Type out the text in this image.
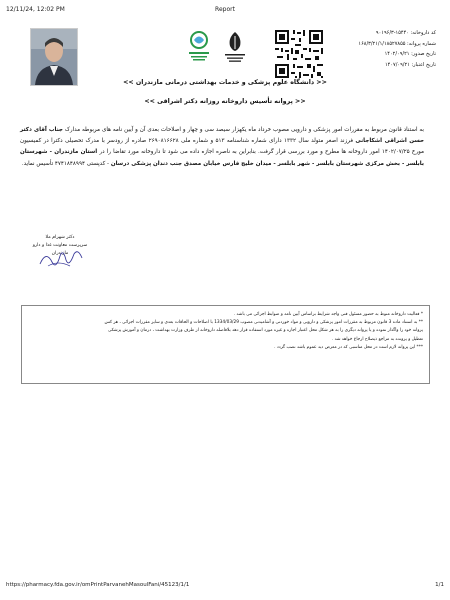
12/11/24, 12:02 PM	Report
کد داروخانه: ۱۵۴۴۰-۹۰۱۹۶/۳
شماره پروانه: ۱۶۸/۳/۲۱/۱/۱۸۵۲۷۸۵۵
تاریخ صدور: ۱۴۰۲/۰۹/۲۱
تاریخ اعتبار: ۱۴۰۷/۰۹/۲۱
<< دانشگاه علوم پزشکی و خدمات بهداشتی درمانی مازندران >>
<< پروانه تأسیس داروخانه روزانه دکتر اشراقی >>
به استناد قانون مربوط به مقررات امور پزشکی و دارویی مصوب خرداد ماه یکهزار سیصد سی و چهار و اصلاحات بعدی آن و آیین نامه های مربوطه مدارک جناب آقای دکتر حسن اشراقی اشکاجانی فرزند اصغر متولد سال ۱۳۳۲ دارای شماره شناسنامه ۵۱۳ و شماره ملی ۲۶۹۰۸۱۶۶۲۸ صادره از رودسر با مدرک تحصیلی دکترا در کمیسیون مورخ ۱۴۰۲/۰۷/۲۵ امور داروخانه ها مطرح و مورد بررسی قرار گرفت. بنابراین به ناصره اجازه داده می شود تا داروخانه مورد تقاضا را در استان مازندران - شهرستان بابلسر - بخش مرکزی شهرستان بابلسر - شهر بابلسر - میدان خلیج فارس خیابان مصدق جنب دندان پزشکی درسان - کدپستی ۴۷۴۱۸۴۸۹۹۴ تأسیس نماید.
دکتر شهرام ملا
سرپرست معاونت غذا و دارو مازندران

* فعالیت داروخانه منوط به حضور مسئول فنی واجد شرایط براساس آیین نامه و ضوابط اجرائی می باشد .

** به استناد ماده 3 قانون مربوط به مقررات امور پزشکی و دارویی و مواد خوردنی و آشامیدنی مصوب 1334/03/29 با اصلاحات و الحاقات بعدی و سایر مقررات اجرائی ، هر کس

پروانه خود را واگذار نموده و یا پروانه دیگری را به هر شکل محل اعتبار اجاره و غیره مورد استفاده قرار دهد بلافاصله داروخانه از طرف وزارت بهداشت ، درمان و آموزش پزشکی

تعطیل و پرونده به مراجع ذیصلاح ارجاع خواهد شد .

*** این پروانه لازم است در محل مناسبی که در معرض دید عموم باشد نصب گردد .

https://pharmacy.fda.gov.ir/omPrintParvanehMasoulFani/45123/1/1	1/1
